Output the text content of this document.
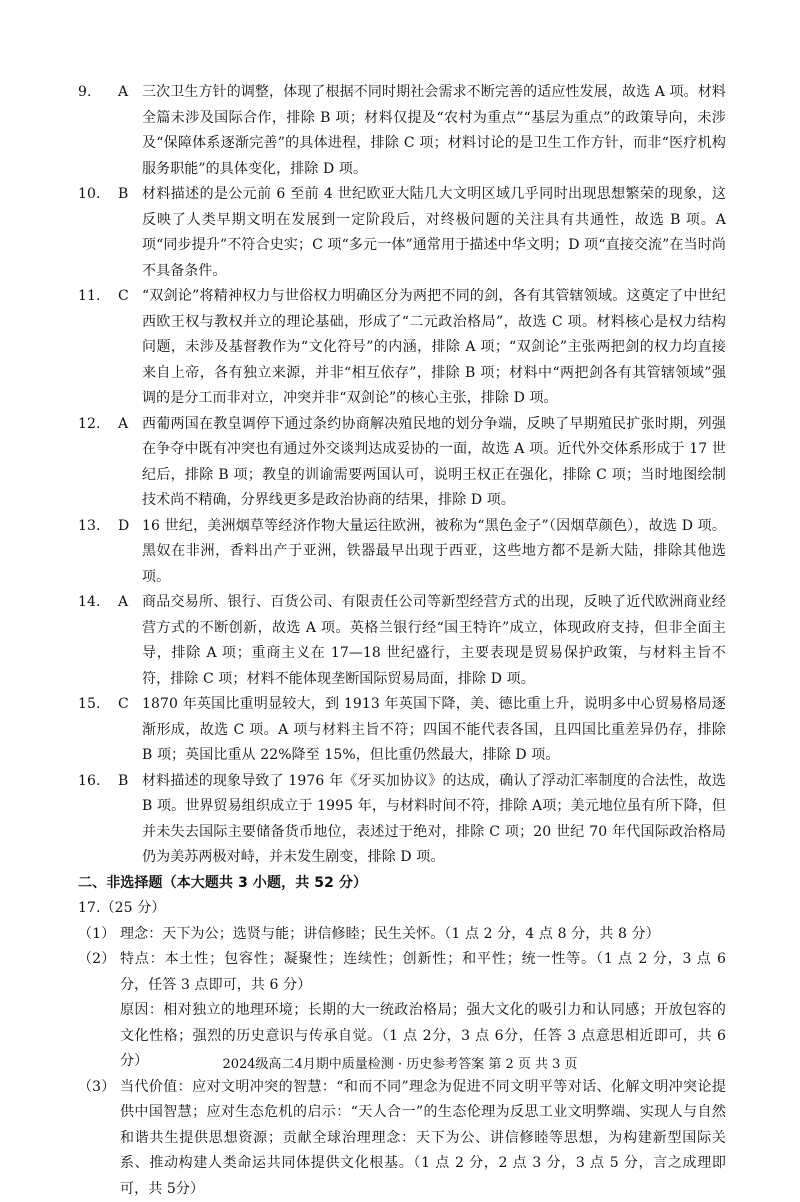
9.	A 三次卫生方针的调整，体现了根据不同时期社会需求不断完善的适应性发展，故选 A 项。材料全篇未涉及国际合作，排除 B 项；材料仅提及“农村为重点”“基层为重点”的政策导向，未涉及“保障体系逐渐完善”的具体进程，排除 C 项；材料讨论的是卫生工作方针，而非“医疗机构服务职能”的具体变化，排除 D 项。
10.	B 材料描述的是公元前 6 至前 4 世纪欧亚大陆几大文明区域几乎同时出现思想繁荣的现象，这反映了人类早期文明在发展到一定阶段后，对终极问题的关注具有共通性，故选 B 项。A 项“同步提升”不符合史实；C 项“多元一体”通常用于描述中华文明；D 项“直接交流”在当时尚不具备条件。
11.	C “双剑论”将精神权力与世俗权力明确区分为两把不同的剑，各有其管辖领域。这奠定了中世纪西欧王权与教权并立的理论基础，形成了“二元政治格局”，故选 C 项。材料核心是权力结构问题，未涉及基督教作为“文化符号”的内涵，排除 A 项；“双剑论”主张两把剑的权力均直接来自上帝，各有独立来源，并非“相互依存”，排除 B 项；材料中“两把剑各有其管辖领域”强调的是分工而非对立，冲突并非“双剑论”的核心主张，排除 D 项。
12.	A 西葡两国在教皇调停下通过条约协商解决殖民地的划分争端，反映了早期殖民扩张时期，列强在争夺中既有冲突也有通过外交谈判达成妥协的一面，故选 A 项。近代外交体系形成于 17 世纪后，排除 B 项；教皇的训谕需要两国认可，说明王权正在强化，排除 C 项；当时地图绘制技术尚不精确，分界线更多是政治协商的结果，排除 D 项。
13.	D 16 世纪，美洲烟草等经济作物大量运往欧洲，被称为“黑色金子”（因烟草颜色），故选 D 项。黑奴在非洲，香料出产于亚洲，铁器最早出现于西亚，这些地方都不是新大陆，排除其他选项。
14.	A 商品交易所、银行、百货公司、有限责任公司等新型经营方式的出现，反映了近代欧洲商业经营方式的不断创新，故选 A 项。英格兰银行经“国王特许”成立，体现政府支持，但非全面主导，排除 A 项；重商主义在 17—18 世纪盛行，主要表现是贸易保护政策，与材料主旨不符，排除 C 项；材料不能体现垄断国际贸易局面，排除 D 项。
15.	C 1870 年英国比重明显较大，到 1913 年英国下降，美、德比重上升，说明多中心贸易格局逐渐形成，故选 C 项。A 项与材料主旨不符；四国不能代表各国，且四国比重差异仍存，排除 B 项；英国比重从 22%降至 15%，但比重仍然最大，排除 D 项。
16.	B 材料描述的现象导致了 1976 年《牙买加协议》的达成，确认了浮动汇率制度的合法性，故选 B 项。世界贸易组织成立于 1995 年，与材料时间不符，排除 A项；美元地位虽有所下降，但并未失去国际主要储备货币地位，表述过于绝对，排除 C 项；20 世纪 70 年代国际政治格局仍为美苏两极对峙，并未发生剧变，排除 D 项。
二、非选择题（本大题共 3 小题，共 52 分）
17.（25 分）
（1） 理念：天下为公；选贤与能；讲信修睦；民生关怀。（1 点 2 分，4 点 8 分，共 8 分）
（2） 特点：本土性；包容性；凝聚性；连续性；创新性；和平性；统一性等。（1 点 2 分，3 点 6 分，任答 3 点即可，共 6 分）
原因：相对独立的地理环境；长期的大一统政治格局；强大文化的吸引力和认同感；开放包容的文化性格；强烈的历史意识与传承自觉。（1 点 2分，3 点 6分，任答 3 点意思相近即可，共 6分）
（3） 当代价值：应对文明冲突的智慧：“和而不同”理念为促进不同文明平等对话、化解文明冲突论提供中国智慧；应对生态危机的启示：“天人合一”的生态伦理为反思工业文明弊端、实现人与自然和谐共生提供思想资源；贡献全球治理理念：天下为公、讲信修睦等思想，为构建新型国际关系、推动构建人类命运共同体提供文化根基。（1 点 2 分，2 点 3 分，3 点 5 分，言之成理即可，共 5分）
2024级高二4月期中质量检测 · 历史参考答案 第 2 页 共 3 页
